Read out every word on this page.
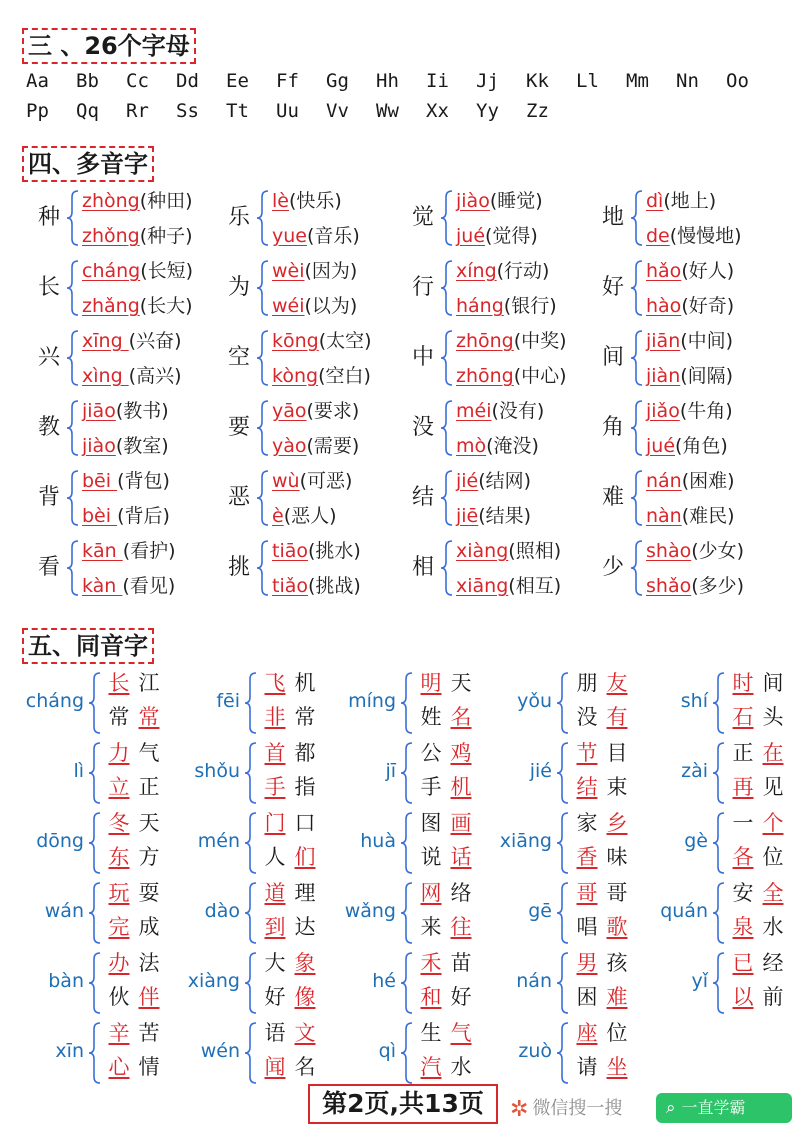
三 、26个字母
Aa Bb Cc Dd Ee Ff Gg Hh Ii Jj Kk Ll Mm Nn Oo
Pp Qq Rr Ss Tt Uu Vv Ww Xx Yy Zz
四、多音字
种
zhòng(种田)
zhǒng(种子)
乐
lè(快乐)
yue(音乐)
觉
jiào(睡觉)
jué(觉得)
地
dì(地上)
de(慢慢地)
长
cháng(长短)
zhǎng(长大)
为
wèi(因为)
wéi(以为)
行
xíng(行动)
háng(银行)
好
hǎo(好人)
hào(好奇)
兴
xīng (兴奋)
xìng (高兴)
空
kōng(太空)
kòng(空白)
中
zhōng(中奖)
zhōng(中心)
间
jiān(中间)
jiàn(间隔)
教
jiāo(教书)
jiào(教室)
要
yāo(要求)
yào(需要)
没
méi(没有)
mò(淹没)
角
jiǎo(牛角)
jué(角色)
背
bēi (背包)
bèi (背后)
恶
wù(可恶)
è(恶人)
结
jié(结网)
jiē(结果)
难
nán(困难)
nàn(难民)
看
kān (看护)
kàn (看见)
挑
tiāo(挑水)
tiǎo(挑战)
相
xiàng(照相)
xiāng(相互)
少
shào(少女)
shǎo(多少)
五、同音字
cháng
长 江
常 常
fēi
飞 机
非 常
míng
明 天
姓 名
yǒu
朋 友
没 有
shí
时 间
石 头
lì
力 气
立 正
shǒu
首 都
手 指
jī
公 鸡
手 机
jié
节 目
结 束
zài
正 在
再 见
dōng
冬 天
东 方
mén
门 口
人 们
huà
图 画
说 话
xiāng
家 乡
香 味
gè
一 个
各 位
wán
玩 耍
完 成
dào
道 理
到 达
wǎng
网 络
来 往
gē
哥 哥
唱 歌
quán
安 全
泉 水
bàn
办 法
伙 伴
xiàng
大 象
好 像
hé
禾 苗
和 好
nán
男 孩
困 难
yǐ
已 经
以 前
xīn
辛 苦
心 情
wén
语 文
闻 名
qì
生 气
汽 水
zuò
座 位
请 坐
第2页,共13页	✲ 微信搜一搜	⌕ 一直学霸
